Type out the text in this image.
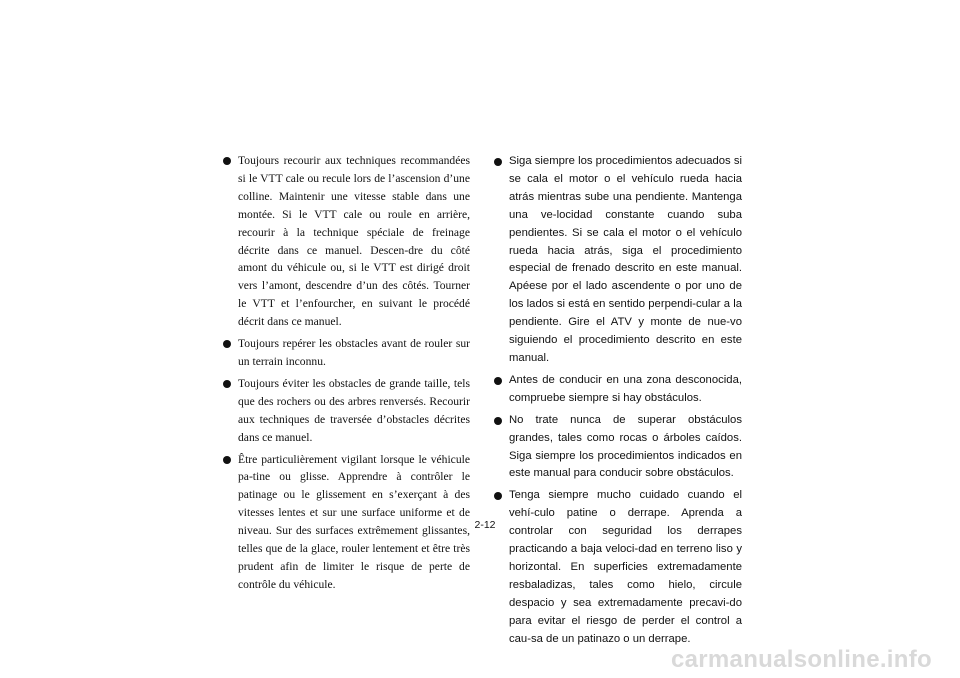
Toujours recourir aux techniques recommandées si le VTT cale ou recule lors de l’ascension d’une colline. Maintenir une vitesse stable dans une montée. Si le VTT cale ou roule en arrière, recourir à la technique spéciale de freinage décrite dans ce manuel. Descen-dre du côté amont du véhicule ou, si le VTT est dirigé droit vers l’amont, descendre d’un des côtés. Tourner le VTT et l’enfourcher, en suivant le procédé décrit dans ce manuel.
Toujours repérer les obstacles avant de rouler sur un terrain inconnu.
Toujours éviter les obstacles de grande taille, tels que des rochers ou des arbres renversés. Recourir aux techniques de traversée d’obstacles décrites dans ce manuel.
Être particulièrement vigilant lorsque le véhicule pa-tine ou glisse. Apprendre à contrôler le patinage ou le glissement en s’exerçant à des vitesses lentes et sur une surface uniforme et de niveau. Sur des surfaces extrêmement glissantes, telles que de la glace, rouler lentement et être très prudent afin de limiter le risque de perte de contrôle du véhicule.
Siga siempre los procedimientos adecuados si se cala el motor o el vehículo rueda hacia atrás mientras sube una pendiente. Mantenga una ve-locidad constante cuando suba pendientes. Si se cala el motor o el vehículo rueda hacia atrás, siga el procedimiento especial de frenado descrito en este manual. Apéese por el lado ascendente o por uno de los lados si está en sentido perpendi-cular a la pendiente. Gire el ATV y monte de nue-vo siguiendo el procedimiento descrito en este manual.
Antes de conducir en una zona desconocida, compruebe siempre si hay obstáculos.
No trate nunca de superar obstáculos grandes, tales como rocas o árboles caídos. Siga siempre los procedimientos indicados en este manual para conducir sobre obstáculos.
Tenga siempre mucho cuidado cuando el vehí-culo patine o derrape. Aprenda a controlar con seguridad los derrapes practicando a baja veloci-dad en terreno liso y horizontal. En superficies extremadamente resbaladizas, tales como hielo, circule despacio y sea extremadamente precavi-do para evitar el riesgo de perder el control a cau-sa de un patinazo o un derrape.
2-12
carmanualsonline.info
